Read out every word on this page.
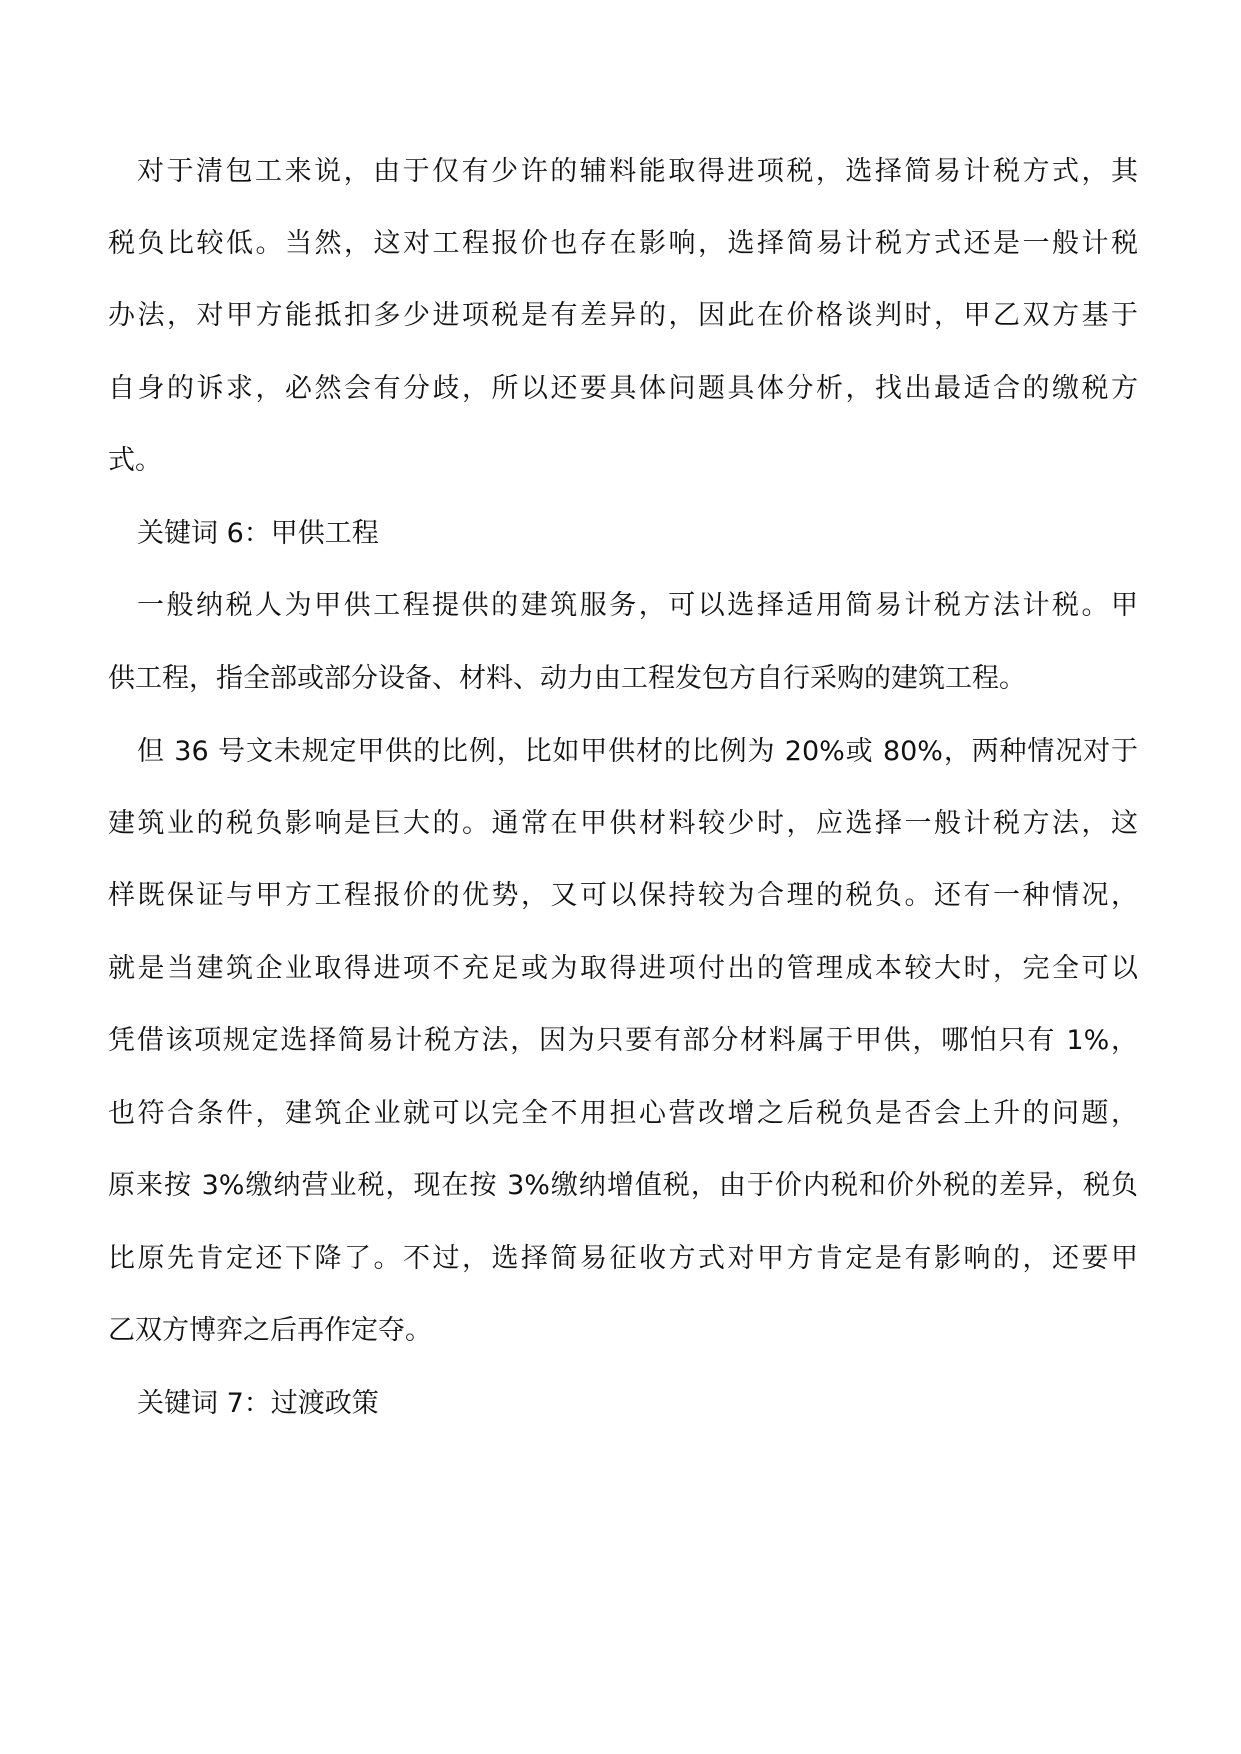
对于清包工来说，由于仅有少许的辅料能取得进项税，选择简易计税方式，其
税负比较低。当然，这对工程报价也存在影响，选择简易计税方式还是一般计税
办法，对甲方能抵扣多少进项税是有差异的，因此在价格谈判时，甲乙双方基于
自身的诉求，必然会有分歧，所以还要具体问题具体分析，找出最适合的缴税方
式。
关键词 6：甲供工程
一般纳税人为甲供工程提供的建筑服务，可以选择适用简易计税方法计税。甲
供工程，指全部或部分设备、材料、动力由工程发包方自行采购的建筑工程。
但 36 号文未规定甲供的比例，比如甲供材的比例为 20%或 80%，两种情况对于
建筑业的税负影响是巨大的。通常在甲供材料较少时，应选择一般计税方法，这
样既保证与甲方工程报价的优势，又可以保持较为合理的税负。还有一种情况，
就是当建筑企业取得进项不充足或为取得进项付出的管理成本较大时，完全可以
凭借该项规定选择简易计税方法，因为只要有部分材料属于甲供，哪怕只有 1%，
也符合条件，建筑企业就可以完全不用担心营改增之后税负是否会上升的问题，
原来按 3%缴纳营业税，现在按 3%缴纳增值税，由于价内税和价外税的差异，税负
比原先肯定还下降了。不过，选择简易征收方式对甲方肯定是有影响的，还要甲
乙双方博弈之后再作定夺。
关键词 7：过渡政策
